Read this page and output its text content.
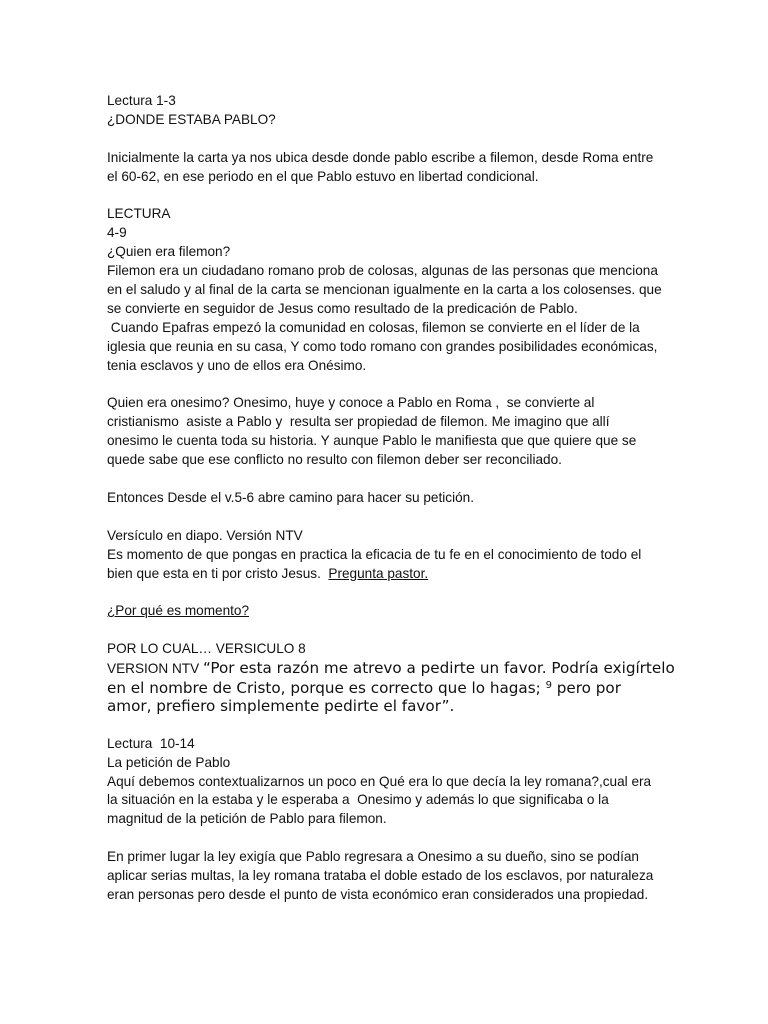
Lectura 1-3
¿DONDE ESTABA PABLO?
Inicialmente la carta ya nos ubica desde donde pablo escribe a filemon, desde Roma entre
el 60-62, en ese periodo en el que Pablo estuvo en libertad condicional.
LECTURA
4-9
¿Quien era filemon?
Filemon era un ciudadano romano prob de colosas, algunas de las personas que menciona
en el saludo y al final de la carta se mencionan igualmente en la carta a los colosenses. que
se convierte en seguidor de Jesus como resultado de la predicación de Pablo.
Cuando Epafras empezó la comunidad en colosas, filemon se convierte en el líder de la
iglesia que reunia en su casa, Y como todo romano con grandes posibilidades económicas,
tenia esclavos y uno de ellos era Onésimo.
Quien era onesimo? Onesimo, huye y conoce a Pablo en Roma ,  se convierte al
cristianismo  asiste a Pablo y  resulta ser propiedad de filemon. Me imagino que allí
onesimo le cuenta toda su historia. Y aunque Pablo le manifiesta que que quiere que se
quede sabe que ese conflicto no resulto con filemon deber ser reconciliado.
Entonces Desde el v.5-6 abre camino para hacer su petición.
Versículo en diapo. Versión NTV
Es momento de que pongas en practica la eficacia de tu fe en el conocimiento de todo el
bien que esta en ti por cristo Jesus.  Pregunta pastor.
¿Por qué es momento?
POR LO CUAL… VERSICULO 8
VERSION NTV “Por esta razón me atrevo a pedirte un favor. Podría exigírtelo
en el nombre de Cristo, porque es correcto que lo hagas; $^9$ pero por
amor, prefiero simplemente pedirte el favor”.
Lectura  10-14
La petición de Pablo
Aquí debemos contextualizarnos un poco en Qué era lo que decía la ley romana?,cual era
la situación en la estaba y le esperaba a  Onesimo y además lo que significaba o la
magnitud de la petición de Pablo para filemon.
En primer lugar la ley exigía que Pablo regresara a Onesimo a su dueño, sino se podían
aplicar serias multas, la ley romana trataba el doble estado de los esclavos, por naturaleza
eran personas pero desde el punto de vista económico eran considerados una propiedad.
